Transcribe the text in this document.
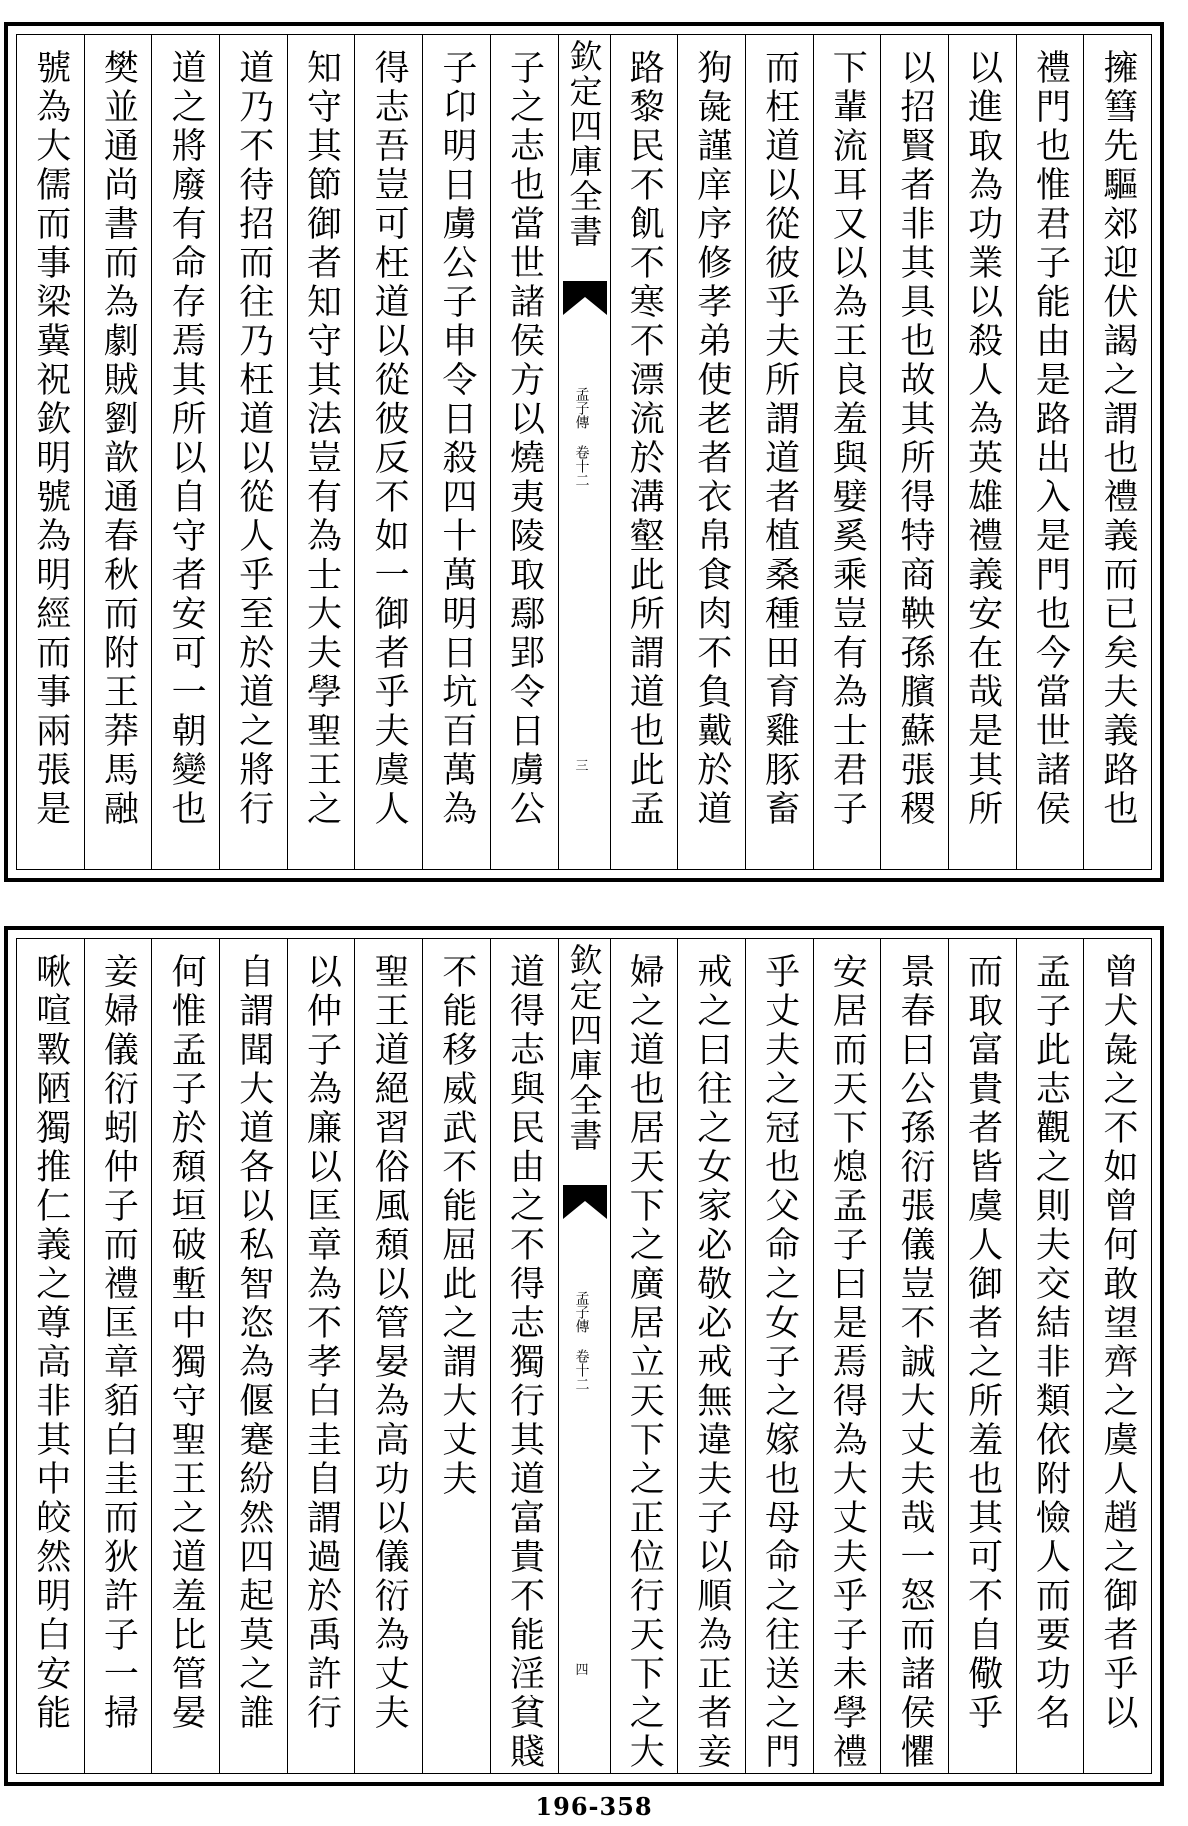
擁篲先驅郊迎伏謁之謂也禮義而已矣夫義路也
禮門也惟君子能由是路出入是門也今當世諸侯
以進取為功業以殺人為英雄禮義安在哉是其所
以招賢者非其具也故其所得特商鞅孫臏蘇張稷
下輩流耳又以為王良羞與嬖奚乘豈有為士君子
而枉道以從彼乎夫所謂道者植桑種田育雞豚畜
狗彘謹庠序修孝弟使老者衣帛食肉不負戴於道
路黎民不飢不寒不漂流於溝壑此所謂道也此孟
欽定四庫全書
孟子傳 卷十二
三
子之志也當世諸侯方以燒夷陵取鄢郢令日虜公
子卬明日虜公子申令日殺四十萬明日坑百萬為
得志吾豈可枉道以從彼反不如一御者乎夫虞人
知守其節御者知守其法豈有為士大夫學聖王之
道乃不待招而往乃枉道以從人乎至於道之將行
道之將廢有命存焉其所以自守者安可一朝變也
樊並通尚書而為劇賊劉歆通春秋而附王莽馬融
號為大儒而事梁冀祝欽明號為明經而事兩張是
曾犬彘之不如曾何敢望齊之虞人趙之御者乎以
孟子此志觀之則夫交結非類依附憸人而要功名
而取富貴者皆虞人御者之所羞也其可不自儆乎
景春曰公孫衍張儀豈不誠大丈夫哉一怒而諸侯懼
安居而天下熄孟子曰是焉得為大丈夫乎子未學禮
乎丈夫之冠也父命之女子之嫁也母命之往送之門
戒之曰往之女家必敬必戒無違夫子以順為正者妾
婦之道也居天下之廣居立天下之正位行天下之大
欽定四庫全書
孟子傳 卷十二
四
道得志與民由之不得志獨行其道富貴不能淫貧賤
不能移威武不能屈此之謂大丈夫
聖王道絕習俗風頹以管晏為高功以儀衍為丈夫
以仲子為廉以匡章為不孝白圭自謂過於禹許行
自謂聞大道各以私智恣為偃蹇紛然四起莫之誰
何惟孟子於頹垣破塹中獨守聖王之道羞比管晏
妾婦儀衍蚓仲子而禮匡章貊白圭而狄許子一掃
啾喧斁陋獨推仁義之尊高非其中皎然明白安能
196-358
